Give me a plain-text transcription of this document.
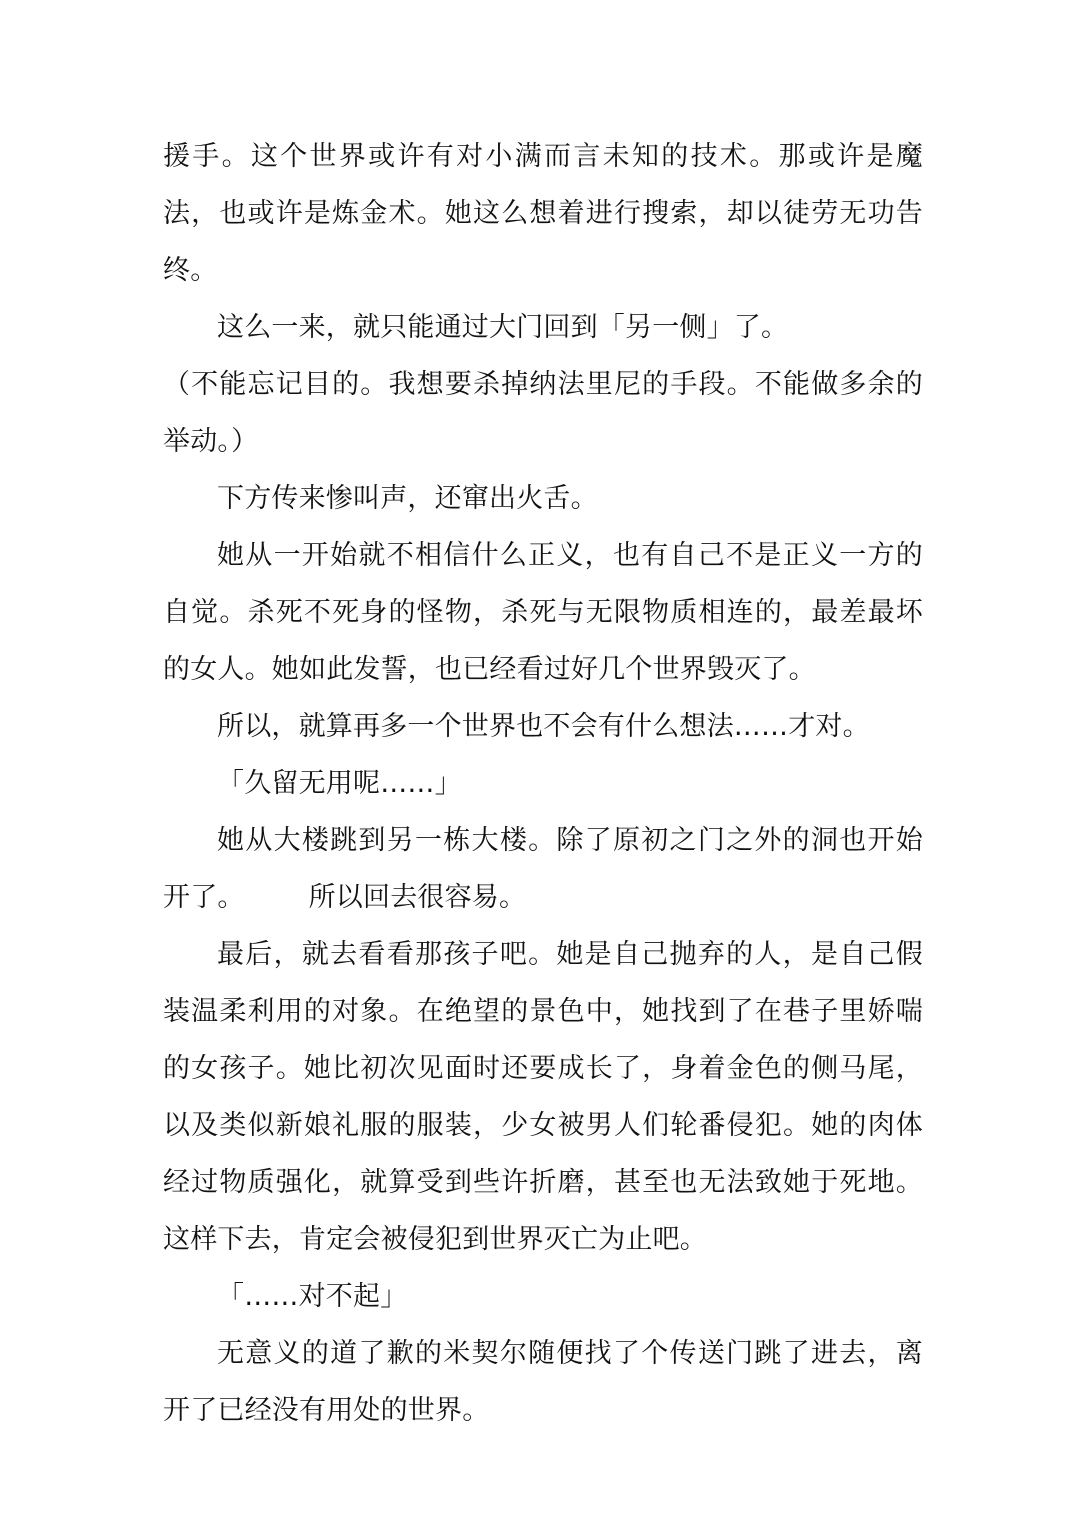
援手。这个世界或许有对小满而言未知的技术。那或许是魔法，也或许是炼金术。她这么想着进行搜索，却以徒劳无功告终。

这么一来，就只能通过大门回到「另一侧」了。

（不能忘记目的。我想要杀掉纳法里尼的手段。不能做多余的举动。）

下方传来惨叫声，还窜出火舌。

她从一开始就不相信什么正义，也有自己不是正义一方的自觉。杀死不死身的怪物，杀死与无限物质相连的，最差最坏的女人。她如此发誓，也已经看过好几个世界毁灭了。

所以，就算再多一个世界也不会有什么想法……才对。

「久留无用呢……」

她从大楼跳到另一栋大楼。除了原初之门之外的洞也开始开了。 所以回去很容易。

最后，就去看看那孩子吧。她是自己抛弃的人，是自己假装温柔利用的对象。在绝望的景色中，她找到了在巷子里娇喘的女孩子。她比初次见面时还要成长了，身着金色的侧马尾，以及类似新娘礼服的服装，少女被男人们轮番侵犯。她的肉体经过物质强化，就算受到些许折磨，甚至也无法致她于死地。这样下去，肯定会被侵犯到世界灭亡为止吧。

「……对不起」

无意义的道了歉的米契尔随便找了个传送门跳了进去，离开了已经没有用处的世界。
